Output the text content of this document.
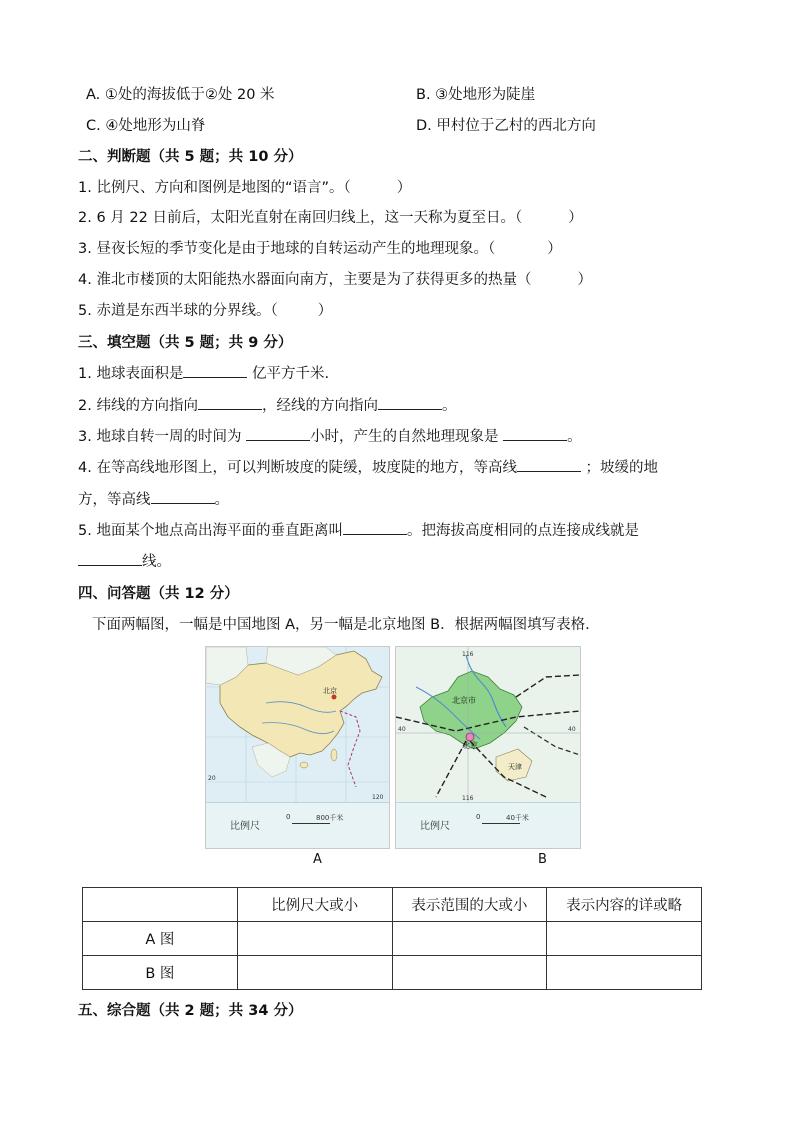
A. ①处的海拔低于②处 20 米	B. ③处地形为陡崖
C. ④处地形为山脊	D. 甲村位于乙村的西北方向
二、判断题（共 5 题；共 10 分）
1. 比例尺、方向和图例是地图的“语言”。（	）
2. 6 月 22 日前后，太阳光直射在南回归线上，这一天称为夏至日。（	）
3. 昼夜长短的季节变化是由于地球的自转运动产生的地理现象。（	）
4. 淮北市楼顶的太阳能热水器面向南方，主要是为了获得更多的热量（	）
5. 赤道是东西半球的分界线。（	）
三、填空题（共 5 题；共 9 分）
1. 地球表面积是	亿平方千米.
2. 纬线的方向指向	，经线的方向指向	。
3. 地球自转一周的时间为	小时，产生的自然地理现象是	。
4. 在等高线地形图上，可以判断坡度的陡缓，坡度陡的地方，等高线	；坡缓的地
方，等高线	。
5. 地面某个地点高出海平面的垂直距离叫	。把海拔高度相同的点连接成线就是
线。
四、问答题（共 12 分）
下面两幅图，一幅是中国地图 A，另一幅是北京地图 B．根据两幅图填写表格.
北京
120
20
比例尺
0	800千米
A
北京市
北京
天津
116
116
40	40
比例尺
0	40千米
B
	比例尺大或小	表示范围的大或小	表示内容的详或略
A 图			
B 图			
五、综合题（共 2 题；共 34 分）
